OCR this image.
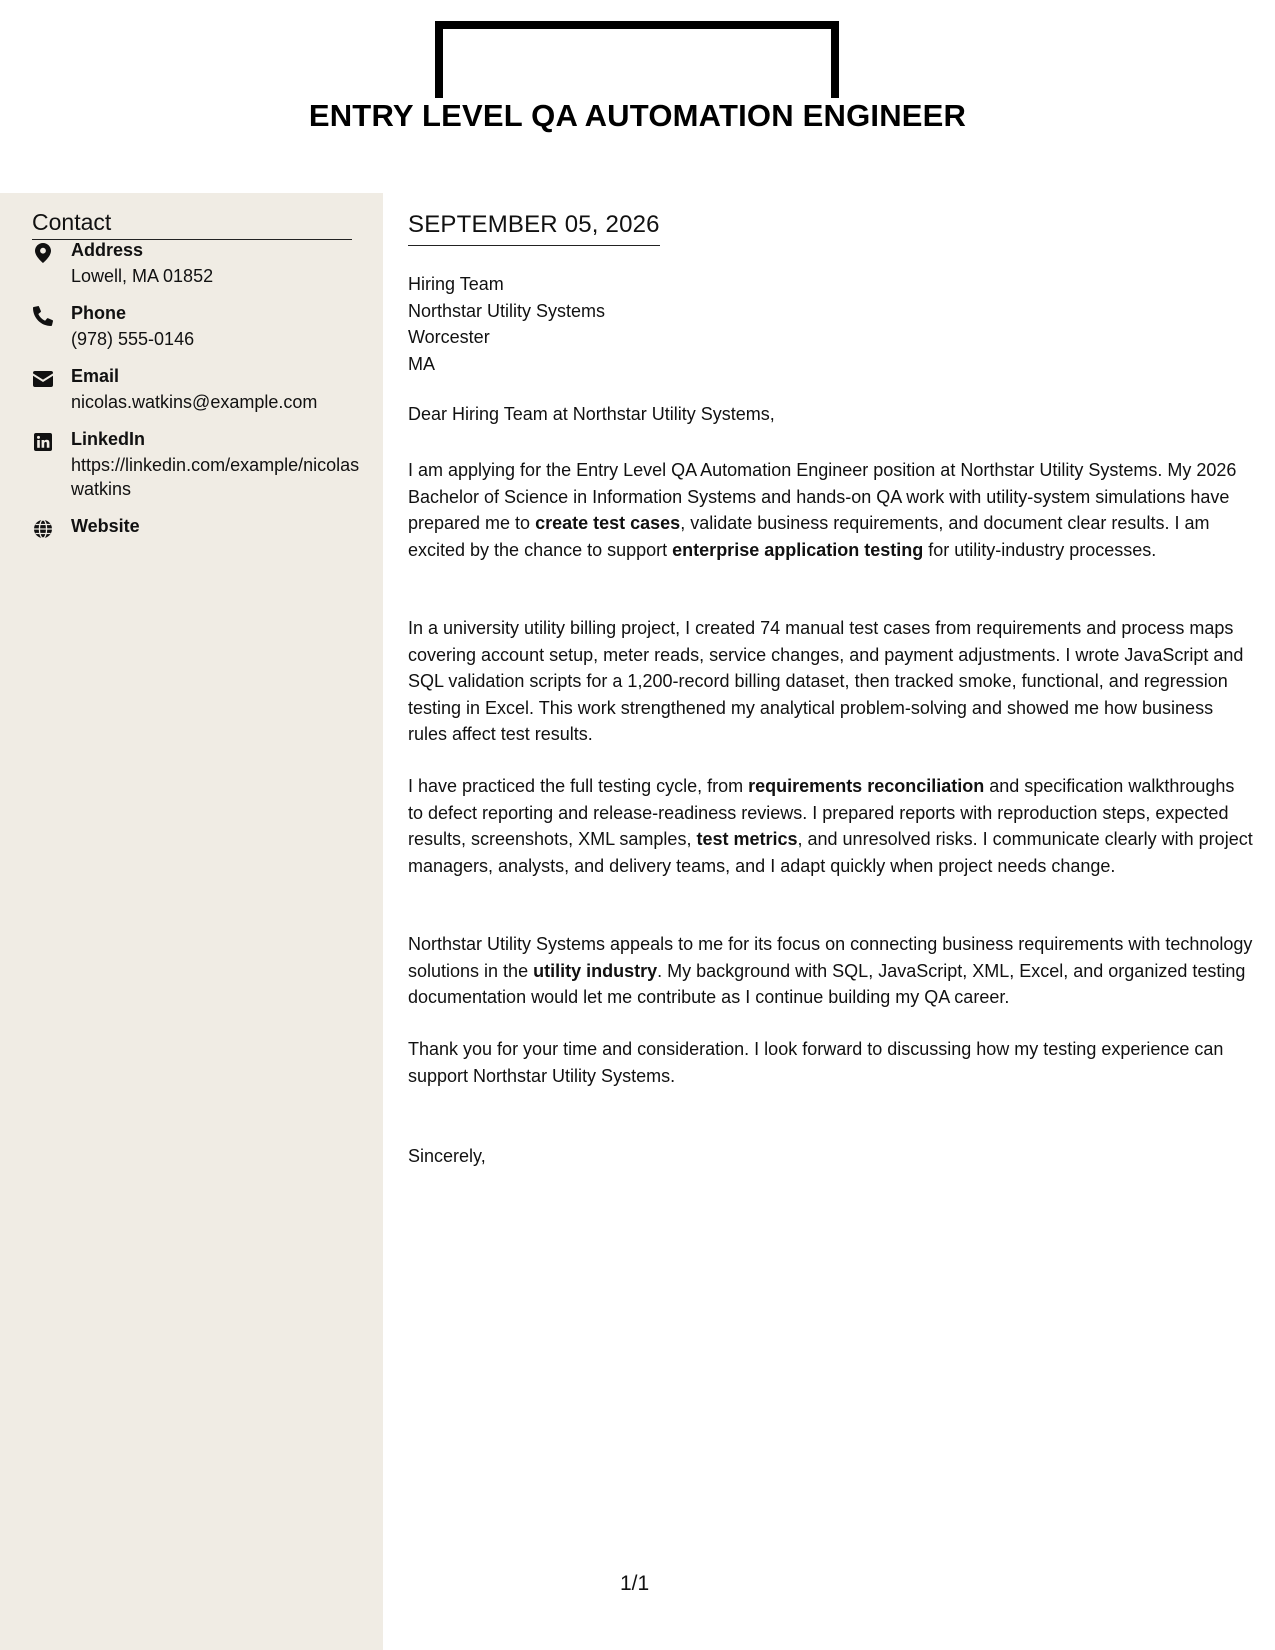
ENTRY LEVEL QA AUTOMATION ENGINEER
Contact
Address
Lowell, MA 01852
Phone
(978) 555-0146
Email
nicolas.watkins@example.com
LinkedIn
https://linkedin.com/example/nicolaswatkins
Website
SEPTEMBER 05, 2026
Hiring Team
Northstar Utility Systems
Worcester
MA
Dear Hiring Team at Northstar Utility Systems,
I am applying for the Entry Level QA Automation Engineer position at Northstar Utility Systems. My 2026 Bachelor of Science in Information Systems and hands-on QA work with utility-system simulations have prepared me to create test cases, validate business requirements, and document clear results. I am excited by the chance to support enterprise application testing for utility-industry processes.
In a university utility billing project, I created 74 manual test cases from requirements and process maps covering account setup, meter reads, service changes, and payment adjustments. I wrote JavaScript and SQL validation scripts for a 1,200-record billing dataset, then tracked smoke, functional, and regression testing in Excel. This work strengthened my analytical problem-solving and showed me how business rules affect test results.
I have practiced the full testing cycle, from requirements reconciliation and specification walkthroughs to defect reporting and release-readiness reviews. I prepared reports with reproduction steps, expected results, screenshots, XML samples, test metrics, and unresolved risks. I communicate clearly with project managers, analysts, and delivery teams, and I adapt quickly when project needs change.
Northstar Utility Systems appeals to me for its focus on connecting business requirements with technology solutions in the utility industry. My background with SQL, JavaScript, XML, Excel, and organized testing documentation would let me contribute as I continue building my QA career.
Thank you for your time and consideration. I look forward to discussing how my testing experience can support Northstar Utility Systems.
Sincerely,
1/1
